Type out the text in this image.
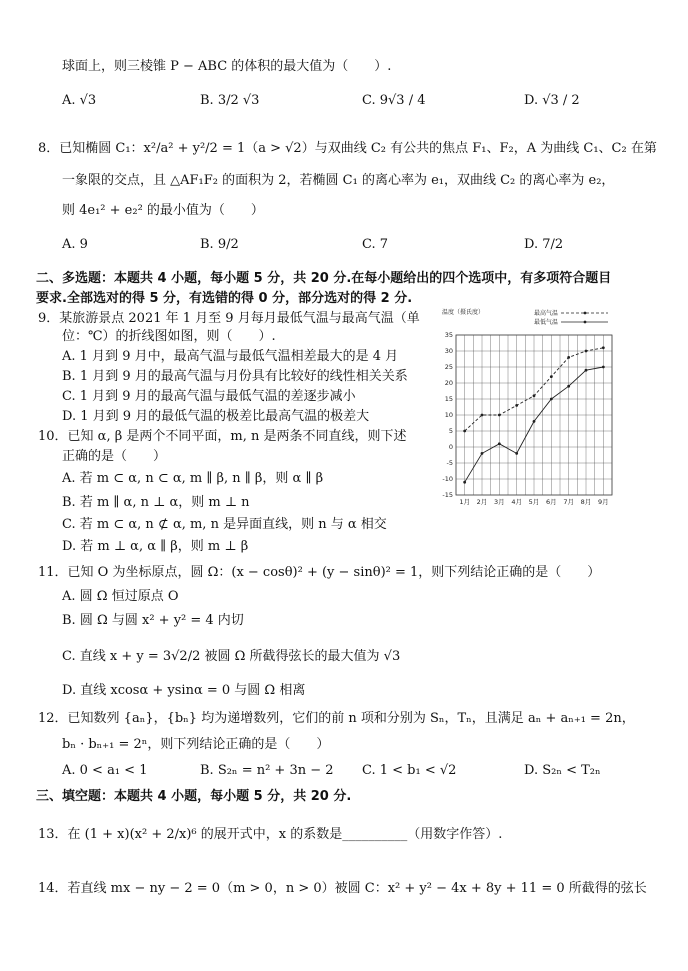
球面上，则三棱锥 P − ABC 的体积的最大值为（　　）.
A. √3	B. 3/2 √3	C. 9√3 / 4	D. √3 / 2
8．已知椭圆 C₁：x²/a² + y²/2 = 1（a > √2）与双曲线 C₂ 有公共的焦点 F₁、F₂，A 为曲线 C₁、C₂ 在第
一象限的交点，且 △AF₁F₂ 的面积为 2，若椭圆 C₁ 的离心率为 e₁，双曲线 C₂ 的离心率为 e₂，
则 4e₁² + e₂² 的最小值为（　　）
A. 9	B. 9/2	C. 7	D. 7/2
二、多选题：本题共 4 小题，每小题 5 分，共 20 分.在每小题给出的四个选项中，有多项符合题目
要求.全部选对的得 5 分，有选错的得 0 分，部分选对的得 2 分.
9．某旅游景点 2021 年 1 月至 9 月每月最低气温与最高气温（单
位：℃）的折线图如图，则（　　）.
A. 1 月到 9 月中，最高气温与最低气温相差最大的是 4 月
B. 1 月到 9 月的最高气温与月份具有比较好的线性相关关系
C. 1 月到 9 月的最高气温与最低气温的差逐步减小
D. 1 月到 9 月的最低气温的极差比最高气温的极差大
10．已知 α, β 是两个不同平面，m, n 是两条不同直线，则下述
正确的是（　　）
A. 若 m ⊂ α, n ⊂ α, m ∥ β, n ∥ β，则 α ∥ β
B. 若 m ∥ α, n ⊥ α，则 m ⊥ n
C. 若 m ⊂ α, n ⊄ α, m, n 是异面直线，则 n 与 α 相交
D. 若 m ⊥ α, α ∥ β，则 m ⊥ β
11．已知 O 为坐标原点，圆 Ω：(x − cosθ)² + (y − sinθ)² = 1，则下列结论正确的是（　　）
A. 圆 Ω 恒过原点 O
B. 圆 Ω 与圆 x² + y² = 4 内切
C. 直线 x + y = 3√2/2 被圆 Ω 所截得弦长的最大值为 √3
D. 直线 xcosα + ysinα = 0 与圆 Ω 相离
12．已知数列 {aₙ}，{bₙ} 均为递增数列，它们的前 n 项和分别为 Sₙ，Tₙ，且满足 aₙ + aₙ₊₁ = 2n，
bₙ · bₙ₊₁ = 2ⁿ，则下列结论正确的是（　　）
A. 0 < a₁ < 1	B. S₂ₙ = n² + 3n − 2 C. 1 < b₁ < √2	D. S₂ₙ < T₂ₙ
三、填空题：本题共 4 小题，每小题 5 分，共 20 分.
13．在 (1 + x)(x² + 2/x)⁶ 的展开式中，x 的系数是__________（用数字作答）.
14．若直线 mx − ny − 2 = 0（m > 0，n > 0）被圆 C：x² + y² − 4x + 8y + 11 = 0 所截得的弦长
35
30
25
20
15
10
5
0
-5
-10
-15
1月 2月 3月 4月 5月 6月 7月 8月 9月
最高气温
最低气温
温度（摄氏度）
